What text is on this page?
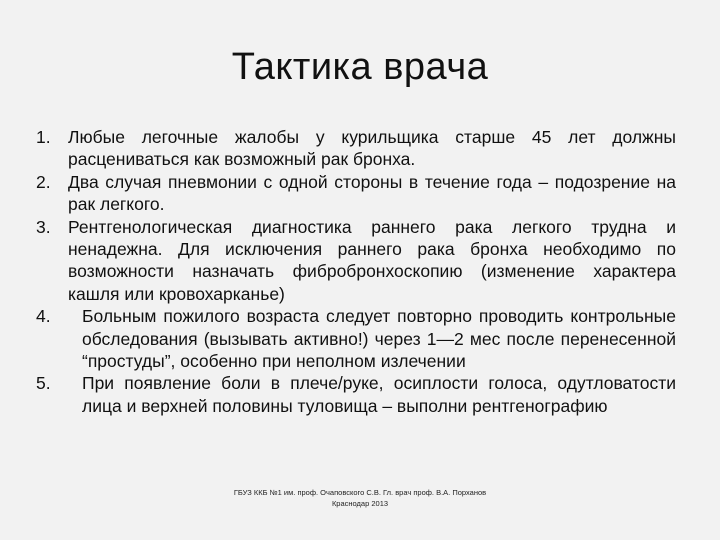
Тактика врача
1. Любые легочные жалобы у курильщика старше 45 лет должны расцениваться как возможный рак бронха.
2. Два случая пневмонии с одной стороны в течение года – подозрение на рак легкого.
3. Рентгенологическая диагностика раннего рака легкого трудна и ненадежна. Для исключения раннего рака бронха необходимо по возможности назначать фибробронхоскопию (изменение характера кашля или кровохарканье)
4. Больным пожилого возраста следует повторно проводить контрольные обследования (вызывать активно!) через 1—2 мес после перенесенной “простуды”, особенно при неполном излечении
5. При появление боли в плече/руке, осиплости голоса, одутловатости лица и верхней половины туловища – выполни рентгенографию
ГБУЗ ККБ №1 им. проф. Очаповского С.В. Гл. врач проф. В.А. Порханов
Краснодар 2013
